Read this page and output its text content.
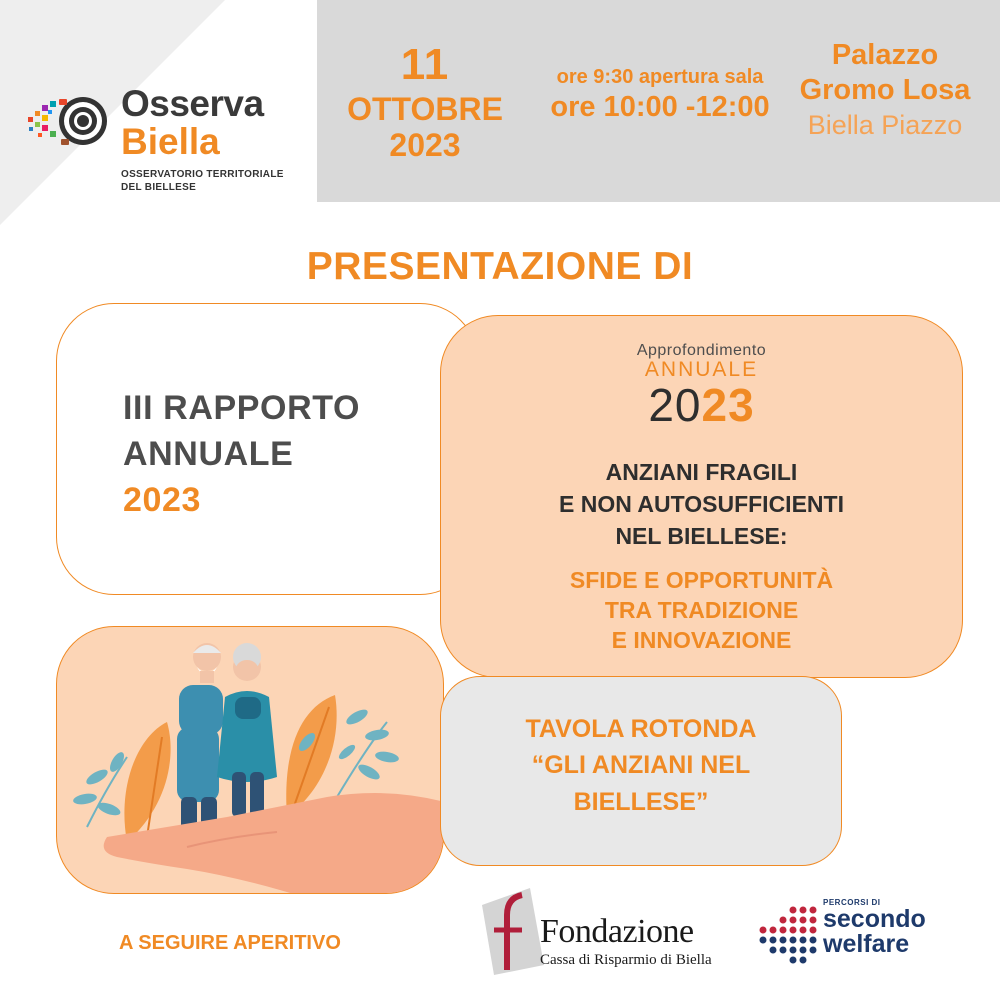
11
OTTOBRE
2023
ore 9:30 apertura sala
ore 10:00 -12:00
Palazzo
Gromo Losa
Biella Piazzo
Osserva
Biella
OSSERVATORIO TERRITORIALE
DEL BIELLESE
PRESENTAZIONE DI
III RAPPORTO
ANNUALE
2023
Approfondimento
ANNUALE
2023
ANZIANI FRAGILI
E NON AUTOSUFFICIENTI
NEL BIELLESE:
SFIDE E OPPORTUNITÀ
TRA TRADIZIONE
E INNOVAZIONE
TAVOLA ROTONDA
“GLI ANZIANI NEL
BIELLESE”
A SEGUIRE APERITIVO	Fondazione
Cassa di Risparmio di Biella
PERCORSI DI
secondo
welfare
